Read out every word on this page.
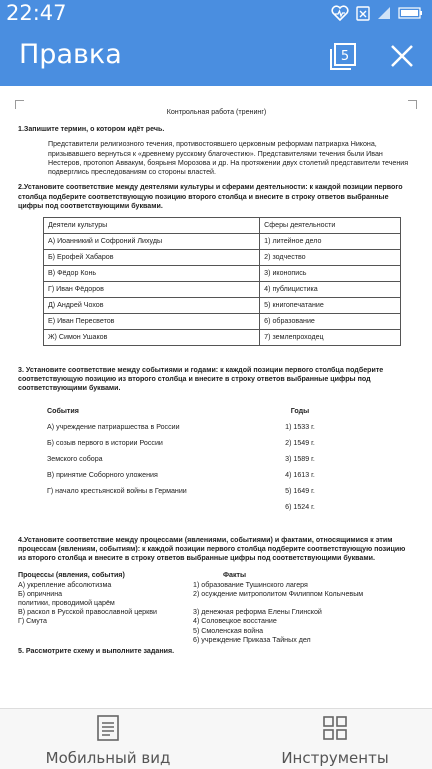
22:47
Правка	5
Контрольная работа (тренинг)

1.Запишите термин, о котором идёт речь.

Представители религиозного течения, противостоявшего церковным реформам патриарха Никона, призывавшего вернуться к «древнему русскому благочестию». Представителями течения были Иван Нестеров, протопоп Аввакум, боярыня Морозова и др. На протяжении двух столетий представители течения подверглись преследованиям со стороны властей.

2.Установите соответствие между деятелями культуры и сферами деятельности: к каждой позиции первого столбца подберите соответствующую позицию второго столбца и внесите в строку ответов выбранные цифры под соответствующими буквами.

Деятели культуры	Сферы деятельности
А) Иоанникий и Софроний Лихуды	1) литейное дело
Б) Ерофей Хабаров	2) зодчество
В) Фёдор Конь	3) иконопись
Г) Иван Фёдоров	4) публицистика
Д) Андрей Чохов	5) книгопечатание
Е) Иван Пересветов	6) образование
Ж) Симон Ушаков	7) землепроходец

3. Установите соответствие между событиями и годами: к каждой позиции первого столбца подберите соответствующую позицию из второго столбца и внесите в строку ответов выбранные цифры под соответствующими буквами.

События	Годы
А) учреждение патриаршества в России	1) 1533 г.
Б) созыв первого в истории России	2) 1549 г.
Земского собора	3) 1589 г.
В) принятие Соборного уложения	4) 1613 г.
Г) начало крестьянской войны в Германии	5) 1649 г.
	6) 1524 г.

4.Установите соответствие между процессами (явлениями, событиями) и фактами, относящимися к этим процессам (явлениям, событиям): к каждой позиции первого столбца подберите соответствующую позицию из второго столбца и внесите в строку ответов выбранные цифры под соответствующими буквами.

Процессы (явления, события)	Факты
А) укрепление абсолютизма	1) образование Тушинского лагеря
Б) опричнина	2) осуждение митрополитом Филиппом Колычевым
политики, проводимой царём
В) раскол в Русской православной церкви	3) денежная реформа Елены Глинской
Г) Смута	4) Соловецкое восстание
5) Смоленская война
6) учреждение Приказа Тайных дел

5. Рассмотрите схему и выполните задания.

Мобильный вид	Инструменты
